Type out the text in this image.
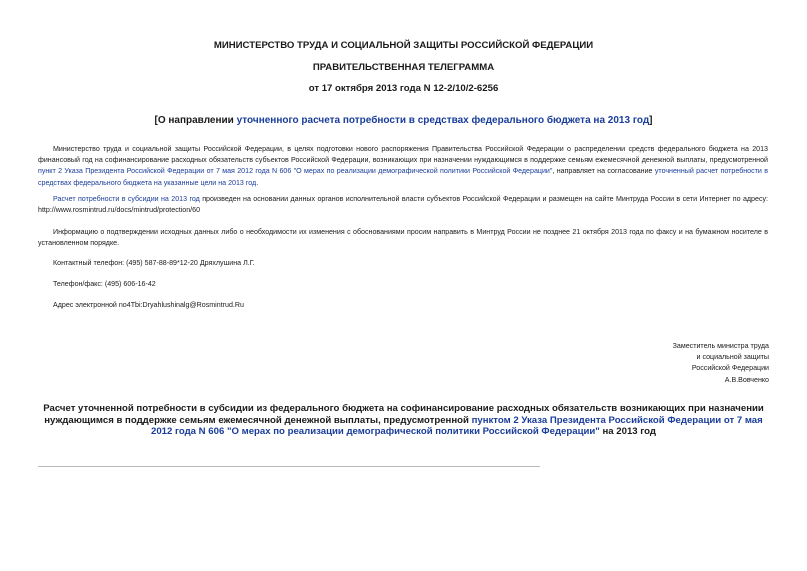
МИНИСТЕРСТВО ТРУДА И СОЦИАЛЬНОЙ ЗАЩИТЫ РОССИЙСКОЙ ФЕДЕРАЦИИ
ПРАВИТЕЛЬСТВЕННАЯ ТЕЛЕГРАММА
от 17 октября 2013 года N 12-2/10/2-6256
[О направлении уточненного расчета потребности в средствах федерального бюджета на 2013 год]
Министерство труда и социальной защиты Российской Федерации, в целях подготовки нового распоряжения Правительства Российской Федерации о распределении средств федерального бюджета на 2013 финансовый год на софинансирование расходных обязательств субъектов Российской Федерации, возникающих при назначении нуждающимся в поддержке семьям ежемесячной денежной выплаты, предусмотренной пункт 2 Указа Президента Российской Федерации от 7 мая 2012 года N 606 "О мерах по реализации демографической политики Российской Федерации", направляет на согласование уточненный расчет потребности в средствах федерального бюджета на указанные цели на 2013 год.
Расчет потребности в субсидии на 2013 год произведен на основании данных органов исполнительной власти субъектов Российской Федерации и размещен на сайте Минтруда России в сети Интернет по адресу: http://www.rosmintrud.ru/docs/mintrud/protection/60
Информацию о подтверждении исходных данных либо о необходимости их изменения с обоснованиями просим направить в Минтруд России не позднее 21 октября 2013 года по факсу и на бумажном носителе в установленном порядке.
Контактный телефон: (495) 587-88-89*12-20 Дряхлушина Л.Г.
Телефон/факс: (495) 606-16-42
Адрес электронной no4Tbi:Dryahlushinalg@Rosmintrud.Ru
Заместитель министра труда
и социальной защиты
Российской Федерации
А.В.Вовченко
Расчет уточненной потребности в субсидии из федерального бюджета на софинансирование расходных обязательств возникающих при назначении нуждающимся в поддержке семьям ежемесячной денежной выплаты, предусмотренной пунктом 2 Указа Президента Российской Федерации от 7 мая 2012 года N 606 "О мерах по реализации демографической политики Российской Федерации" на 2013 год
